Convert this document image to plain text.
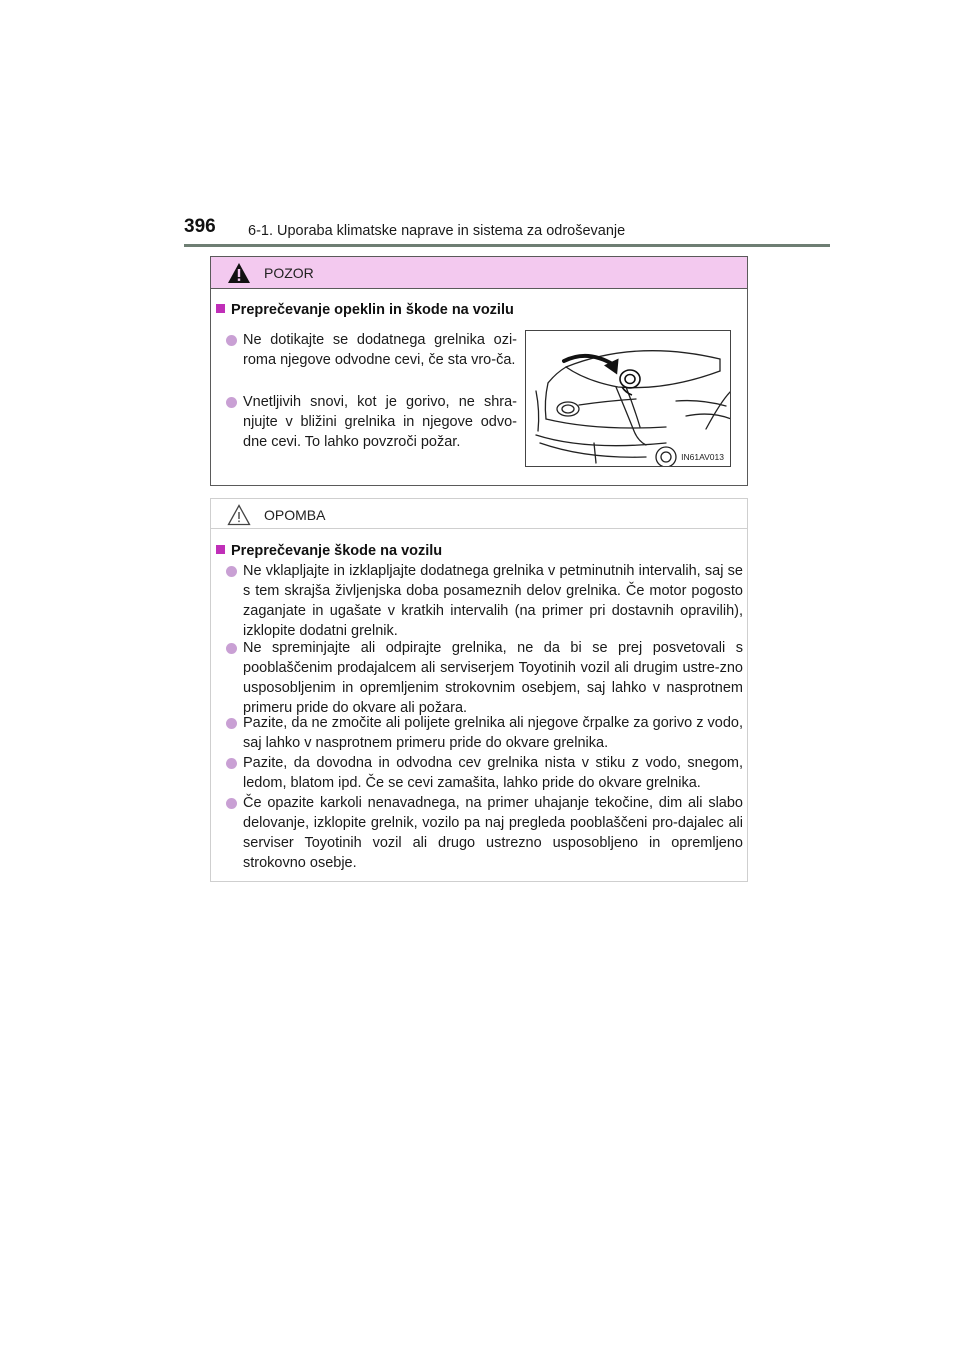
396 6-1. Uporaba klimatske naprave in sistema za odroševanje
POZOR
Preprečevanje opeklin in škode na vozilu
Ne dotikajte se dodatnega grelnika ozi-roma njegove odvodne cevi, če sta vro-ča.
Vnetljivih snovi, kot je gorivo, ne shra-njujte v bližini grelnika in njegove odvo-dne cevi. To lahko povzroči požar.
IN61AV013
OPOMBA
Preprečevanje škode na vozilu
Ne vklapljajte in izklapljajte dodatnega grelnika v petminutnih intervalih, saj se s tem skrajša življenjska doba posameznih delov grelnika. Če motor pogosto zaganjate in ugašate v kratkih intervalih (na primer pri dostavnih opravilih), izklopite dodatni grelnik.
Ne spreminjajte ali odpirajte grelnika, ne da bi se prej posvetovali s pooblaščenim prodajalcem ali serviserjem Toyotinih vozil ali drugim ustre-zno usposobljenim in opremljenim strokovnim osebjem, saj lahko v nasprotnem primeru pride do okvare ali požara.
Pazite, da ne zmočite ali polijete grelnika ali njegove črpalke za gorivo z vodo, saj lahko v nasprotnem primeru pride do okvare grelnika.
Pazite, da dovodna in odvodna cev grelnika nista v stiku z vodo, snegom, ledom, blatom ipd. Če se cevi zamašita, lahko pride do okvare grelnika.
Če opazite karkoli nenavadnega, na primer uhajanje tekočine, dim ali slabo delovanje, izklopite grelnik, vozilo pa naj pregleda pooblaščeni pro-dajalec ali serviser Toyotinih vozil ali drugo ustrezno usposobljeno in opremljeno strokovno osebje.
